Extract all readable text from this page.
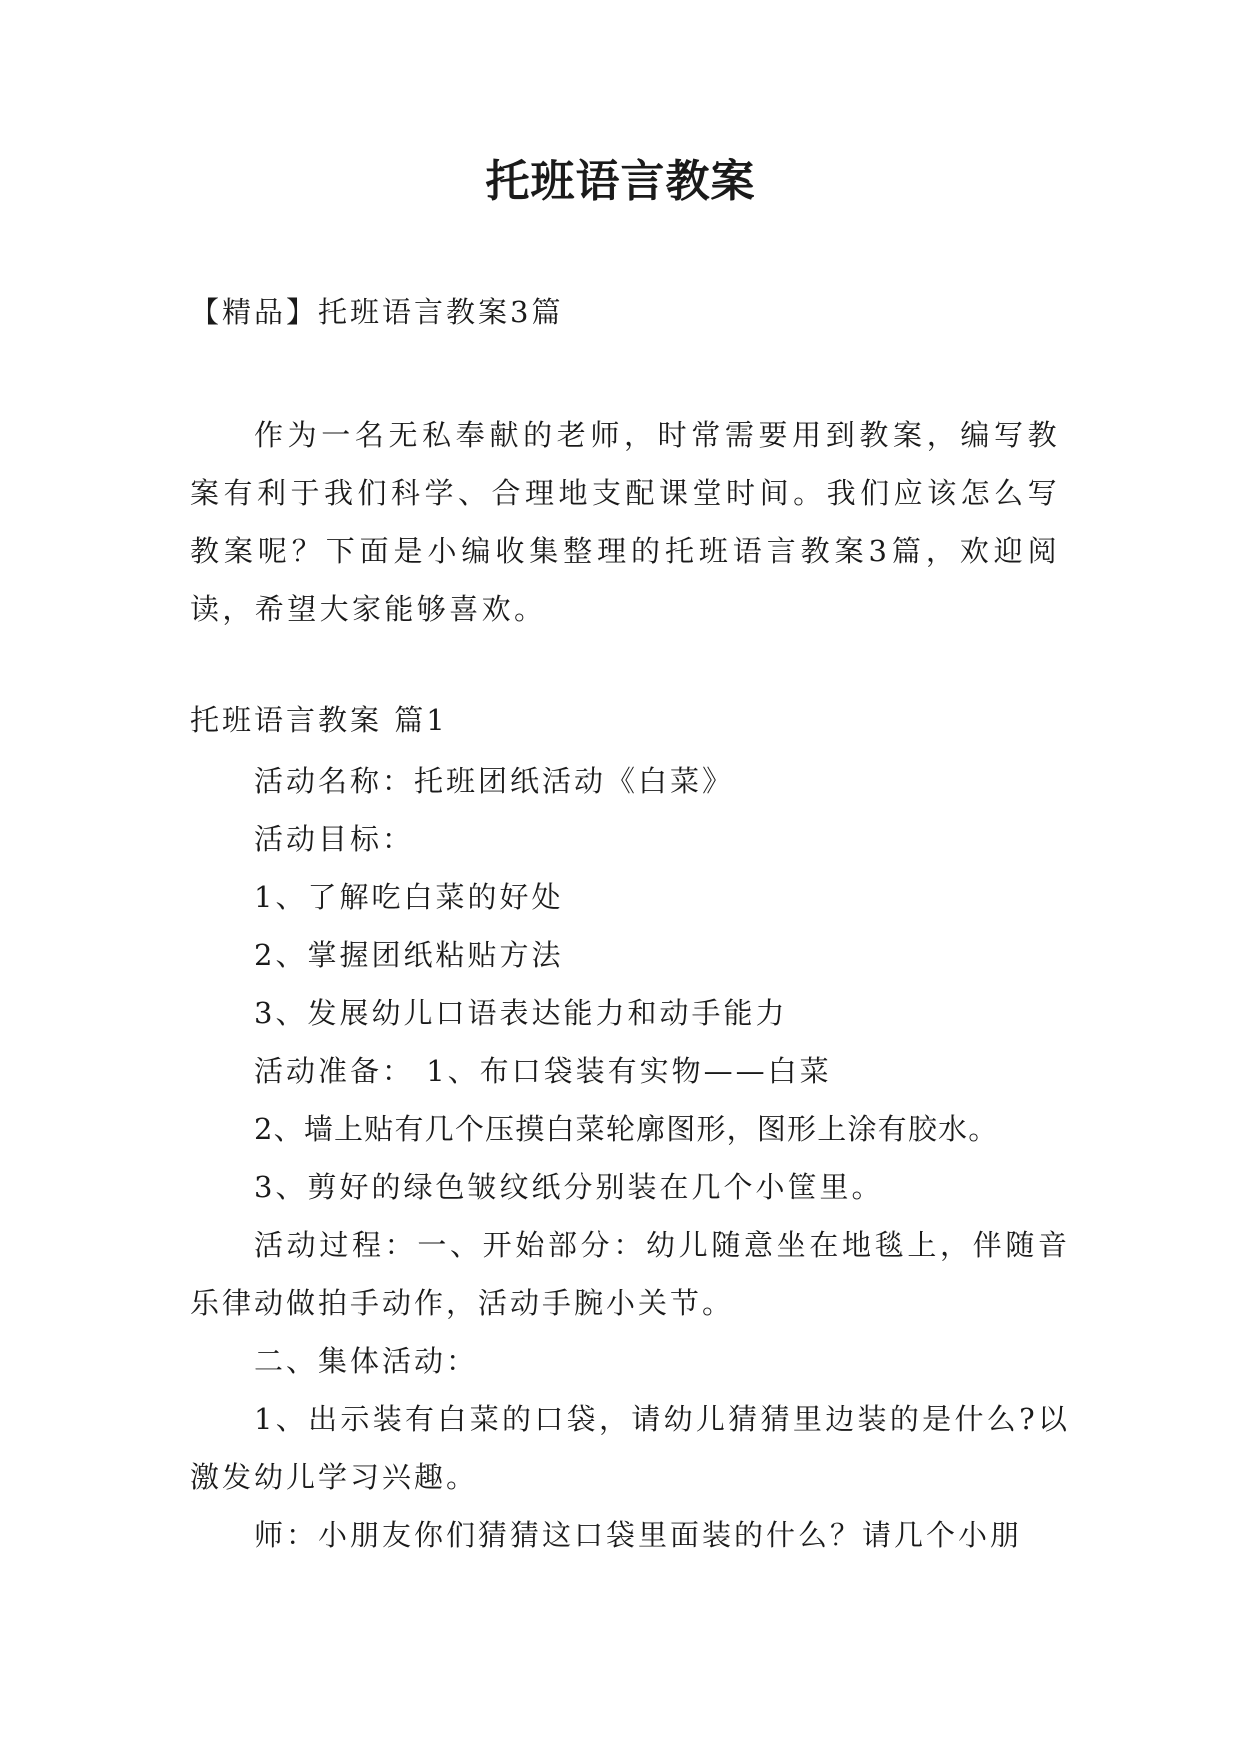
托班语言教案

【精品】托班语言教案3篇

作为一名无私奉献的老师，时常需要用到教案，编写教案有利于我们科学、合理地支配课堂时间。我们应该怎么写教案呢？下面是小编收集整理的托班语言教案3篇，欢迎阅读，希望大家能够喜欢。

托班语言教案 篇1

活动名称：托班团纸活动《白菜》

活动目标：

1、了解吃白菜的好处

2、掌握团纸粘贴方法

3、发展幼儿口语表达能力和动手能力

活动准备： 1、布口袋装有实物——白菜

2、墙上贴有几个压摸白菜轮廓图形，图形上涂有胶水。

3、剪好的绿色皱纹纸分别装在几个小筐里。

活动过程：一、开始部分：幼儿随意坐在地毯上，伴随音乐律动做拍手动作，活动手腕小关节。

二、集体活动：

1、出示装有白菜的口袋，请幼儿猜猜里边装的是什么?以激发幼儿学习兴趣。

师：小朋友你们猜猜这口袋里面装的什么？请几个小朋
